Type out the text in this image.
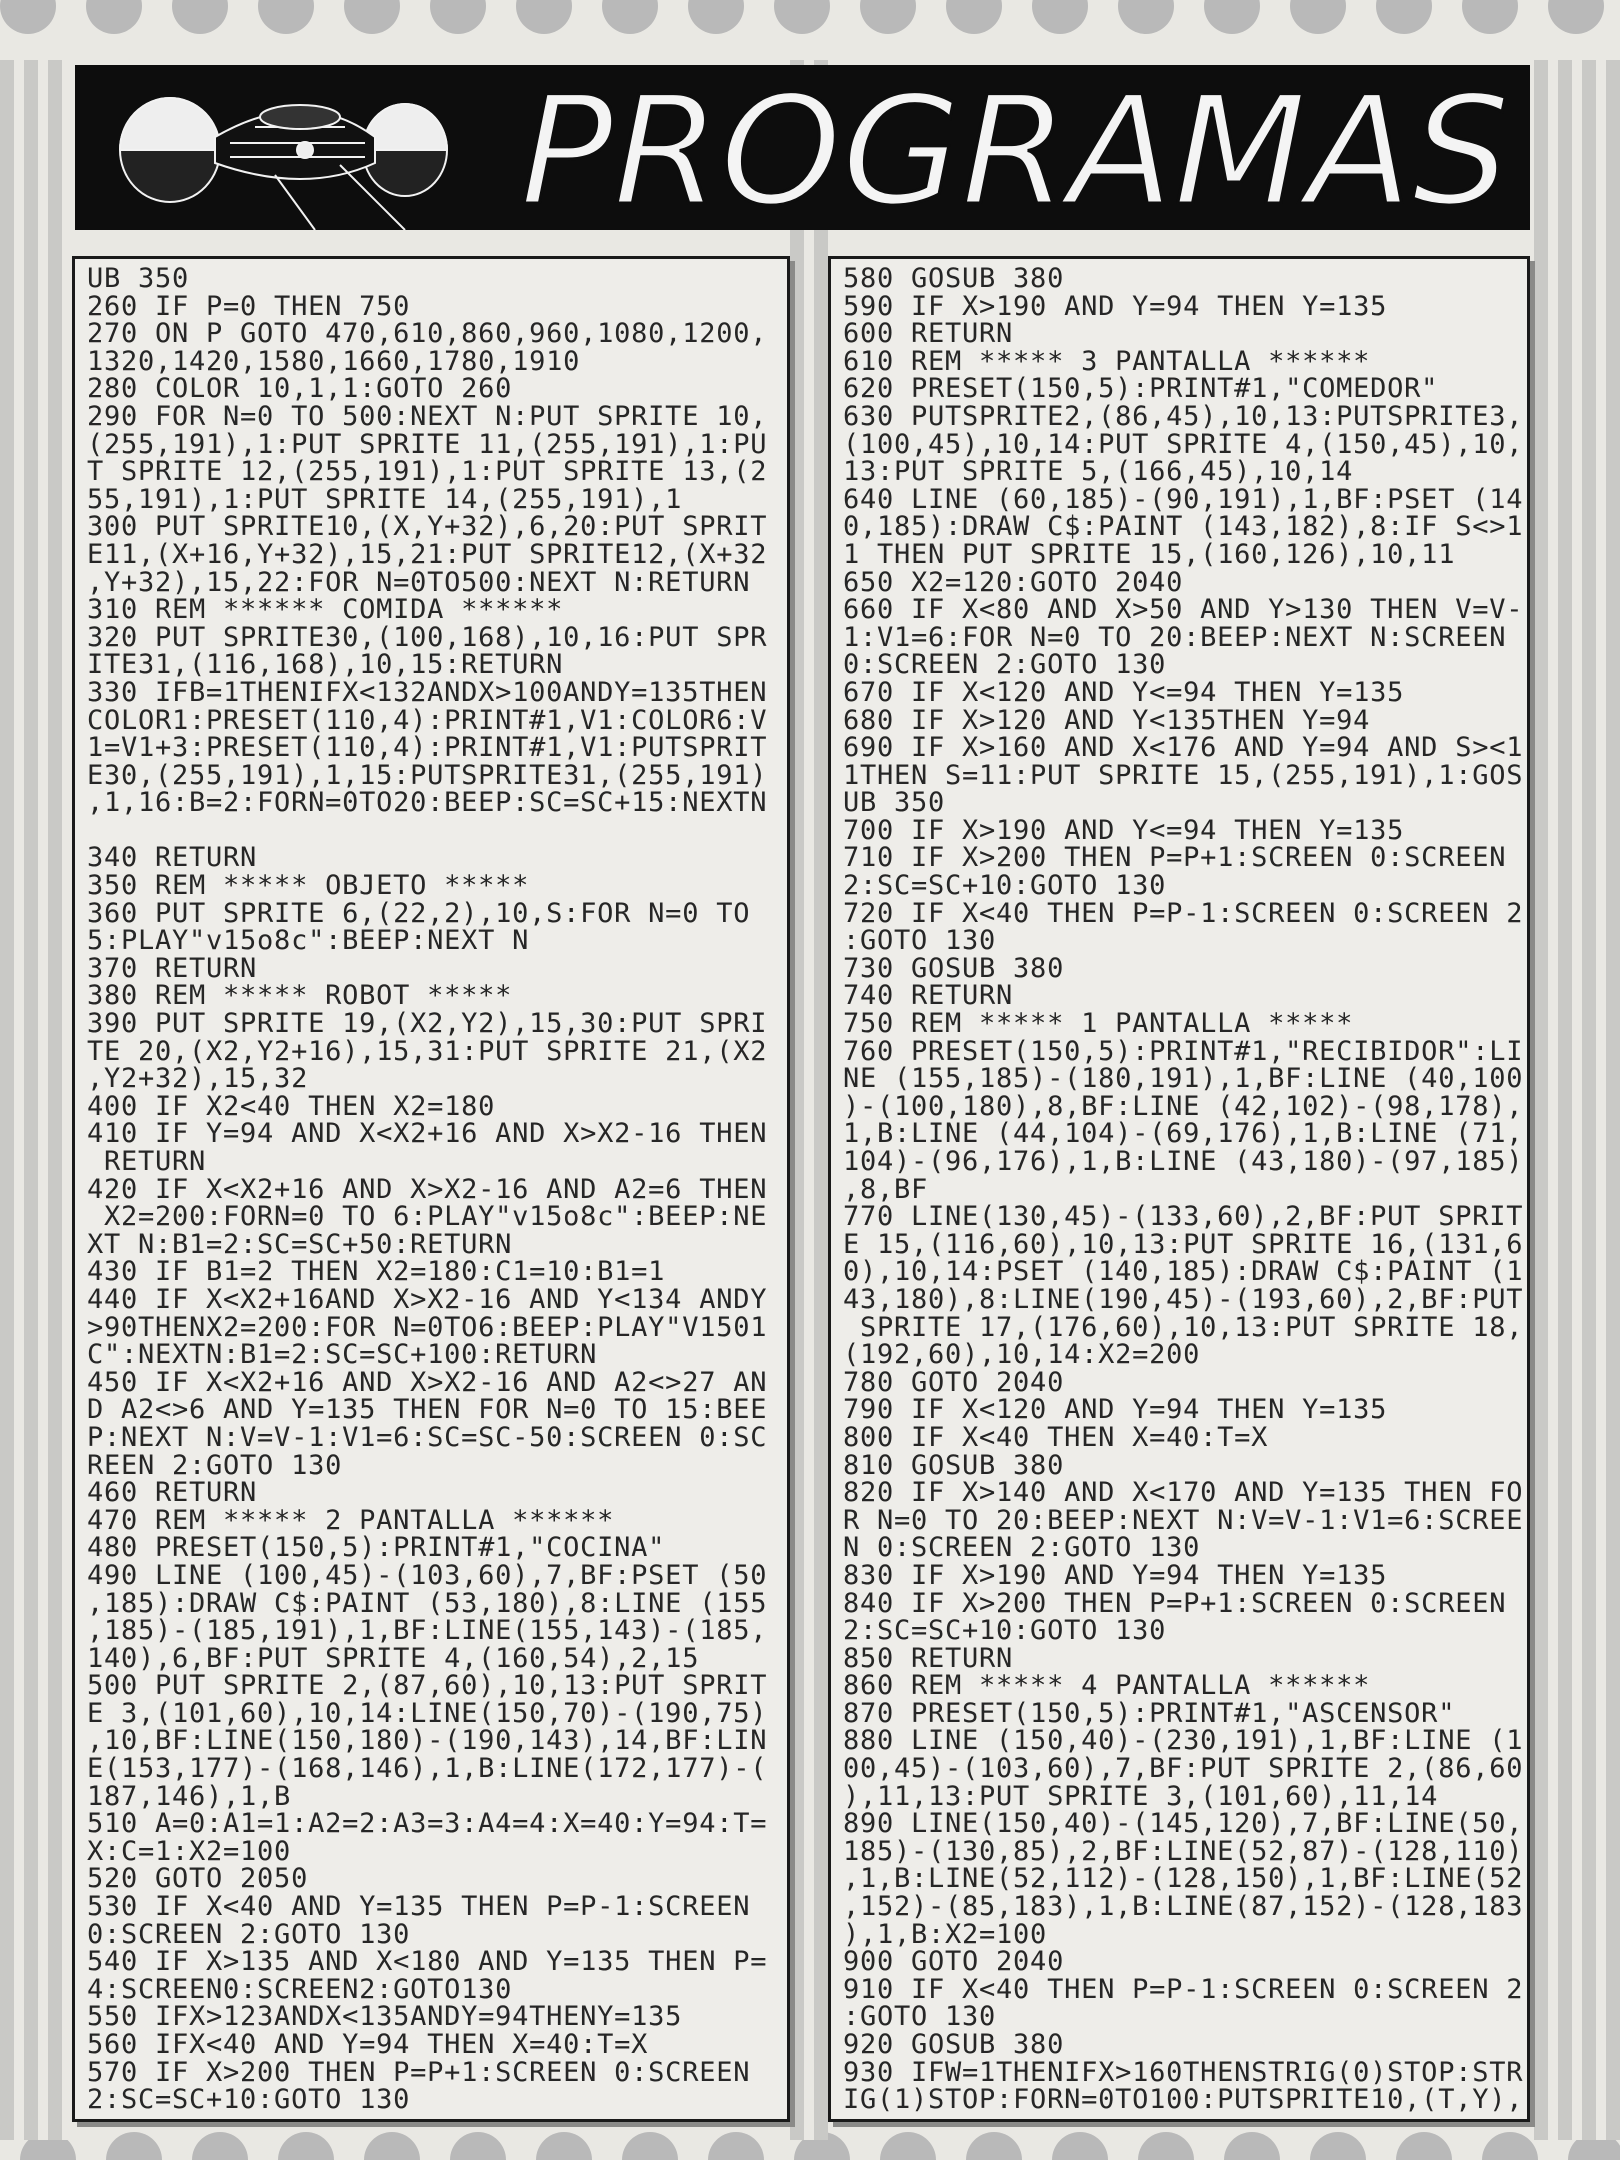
PROGRAMAS
UB 350
260 IF P=0 THEN 750
270 ON P GOTO 470,610,860,960,1080,1200,
1320,1420,1580,1660,1780,1910
280 COLOR 10,1,1:GOTO 260
290 FOR N=0 TO 500:NEXT N:PUT SPRITE 10,
(255,191),1:PUT SPRITE 11,(255,191),1:PU
T SPRITE 12,(255,191),1:PUT SPRITE 13,(2
55,191),1:PUT SPRITE 14,(255,191),1
300 PUT SPRITE10,(X,Y+32),6,20:PUT SPRIT
E11,(X+16,Y+32),15,21:PUT SPRITE12,(X+32
,Y+32),15,22:FOR N=0TO500:NEXT N:RETURN
310 REM ****** COMIDA ******
320 PUT SPRITE30,(100,168),10,16:PUT SPR
ITE31,(116,168),10,15:RETURN
330 IFB=1THENIFX<132ANDX>100ANDY=135THEN
COLOR1:PRESET(110,4):PRINT#1,V1:COLOR6:V
1=V1+3:PRESET(110,4):PRINT#1,V1:PUTSPRIT
E30,(255,191),1,15:PUTSPRITE31,(255,191)
,1,16:B=2:FORN=0TO20:BEEP:SC=SC+15:NEXTN
340 RETURN
350 REM ***** OBJETO *****
360 PUT SPRITE 6,(22,2),10,S:FOR N=0 TO
5:PLAY"v15o8c":BEEP:NEXT N
370 RETURN
380 REM ***** ROBOT *****
390 PUT SPRITE 19,(X2,Y2),15,30:PUT SPRI
TE 20,(X2,Y2+16),15,31:PUT SPRITE 21,(X2
,Y2+32),15,32
400 IF X2<40 THEN X2=180
410 IF Y=94 AND X<X2+16 AND X>X2-16 THEN
RETURN
420 IF X<X2+16 AND X>X2-16 AND A2=6 THEN
X2=200:FORN=0 TO 6:PLAY"v15o8c":BEEP:NE
XT N:B1=2:SC=SC+50:RETURN
430 IF B1=2 THEN X2=180:C1=10:B1=1
440 IF X<X2+16AND X>X2-16 AND Y<134 ANDY
>90THENX2=200:FOR N=0TO6:BEEP:PLAY"V1501
C":NEXTN:B1=2:SC=SC+100:RETURN
450 IF X<X2+16 AND X>X2-16 AND A2<>27 AN
D A2<>6 AND Y=135 THEN FOR N=0 TO 15:BEE
P:NEXT N:V=V-1:V1=6:SC=SC-50:SCREEN 0:SC
REEN 2:GOTO 130
460 RETURN
470 REM ***** 2 PANTALLA ******
480 PRESET(150,5):PRINT#1,"COCINA"
490 LINE (100,45)-(103,60),7,BF:PSET (50
,185):DRAW C$:PAINT (53,180),8:LINE (155
,185)-(185,191),1,BF:LINE(155,143)-(185,
140),6,BF:PUT SPRITE 4,(160,54),2,15
500 PUT SPRITE 2,(87,60),10,13:PUT SPRIT
E 3,(101,60),10,14:LINE(150,70)-(190,75)
,10,BF:LINE(150,180)-(190,143),14,BF:LIN
E(153,177)-(168,146),1,B:LINE(172,177)-(
187,146),1,B
510 A=0:A1=1:A2=2:A3=3:A4=4:X=40:Y=94:T=
X:C=1:X2=100
520 GOTO 2050
530 IF X<40 AND Y=135 THEN P=P-1:SCREEN
0:SCREEN 2:GOTO 130
540 IF X>135 AND X<180 AND Y=135 THEN P=
4:SCREEN0:SCREEN2:GOTO130
550 IFX>123ANDX<135ANDY=94THENY=135
560 IFX<40 AND Y=94 THEN X=40:T=X
570 IF X>200 THEN P=P+1:SCREEN 0:SCREEN
2:SC=SC+10:GOTO 130
580 GOSUB 380
590 IF X>190 AND Y=94 THEN Y=135
600 RETURN
610 REM ***** 3 PANTALLA ******
620 PRESET(150,5):PRINT#1,"COMEDOR"
630 PUTSPRITE2,(86,45),10,13:PUTSPRITE3,
(100,45),10,14:PUT SPRITE 4,(150,45),10,
13:PUT SPRITE 5,(166,45),10,14
640 LINE (60,185)-(90,191),1,BF:PSET (14
0,185):DRAW C$:PAINT (143,182),8:IF S<>1
1 THEN PUT SPRITE 15,(160,126),10,11
650 X2=120:GOTO 2040
660 IF X<80 AND X>50 AND Y>130 THEN V=V-
1:V1=6:FOR N=0 TO 20:BEEP:NEXT N:SCREEN
0:SCREEN 2:GOTO 130
670 IF X<120 AND Y<=94 THEN Y=135
680 IF X>120 AND Y<135THEN Y=94
690 IF X>160 AND X<176 AND Y=94 AND S><1
1THEN S=11:PUT SPRITE 15,(255,191),1:GOS
UB 350
700 IF X>190 AND Y<=94 THEN Y=135
710 IF X>200 THEN P=P+1:SCREEN 0:SCREEN
2:SC=SC+10:GOTO 130
720 IF X<40 THEN P=P-1:SCREEN 0:SCREEN 2
:GOTO 130
730 GOSUB 380
740 RETURN
750 REM ***** 1 PANTALLA *****
760 PRESET(150,5):PRINT#1,"RECIBIDOR":LI
NE (155,185)-(180,191),1,BF:LINE (40,100
)-(100,180),8,BF:LINE (42,102)-(98,178),
1,B:LINE (44,104)-(69,176),1,B:LINE (71,
104)-(96,176),1,B:LINE (43,180)-(97,185)
,8,BF
770 LINE(130,45)-(133,60),2,BF:PUT SPRIT
E 15,(116,60),10,13:PUT SPRITE 16,(131,6
0),10,14:PSET (140,185):DRAW C$:PAINT (1
43,180),8:LINE(190,45)-(193,60),2,BF:PUT
SPRITE 17,(176,60),10,13:PUT SPRITE 18,
(192,60),10,14:X2=200
780 GOTO 2040
790 IF X<120 AND Y=94 THEN Y=135
800 IF X<40 THEN X=40:T=X
810 GOSUB 380
820 IF X>140 AND X<170 AND Y=135 THEN FO
R N=0 TO 20:BEEP:NEXT N:V=V-1:V1=6:SCREE
N 0:SCREEN 2:GOTO 130
830 IF X>190 AND Y=94 THEN Y=135
840 IF X>200 THEN P=P+1:SCREEN 0:SCREEN
2:SC=SC+10:GOTO 130
850 RETURN
860 REM ***** 4 PANTALLA ******
870 PRESET(150,5):PRINT#1,"ASCENSOR"
880 LINE (150,40)-(230,191),1,BF:LINE (1
00,45)-(103,60),7,BF:PUT SPRITE 2,(86,60
),11,13:PUT SPRITE 3,(101,60),11,14
890 LINE(150,40)-(145,120),7,BF:LINE(50,
185)-(130,85),2,BF:LINE(52,87)-(128,110)
,1,B:LINE(52,112)-(128,150),1,BF:LINE(52
,152)-(85,183),1,B:LINE(87,152)-(128,183
),1,B:X2=100
900 GOTO 2040
910 IF X<40 THEN P=P-1:SCREEN 0:SCREEN 2
:GOTO 130
920 GOSUB 380
930 IFW=1THENIFX>160THENSTRIG(0)STOP:STR
IG(1)STOP:FORN=0TO100:PUTSPRITE10,(T,Y),
